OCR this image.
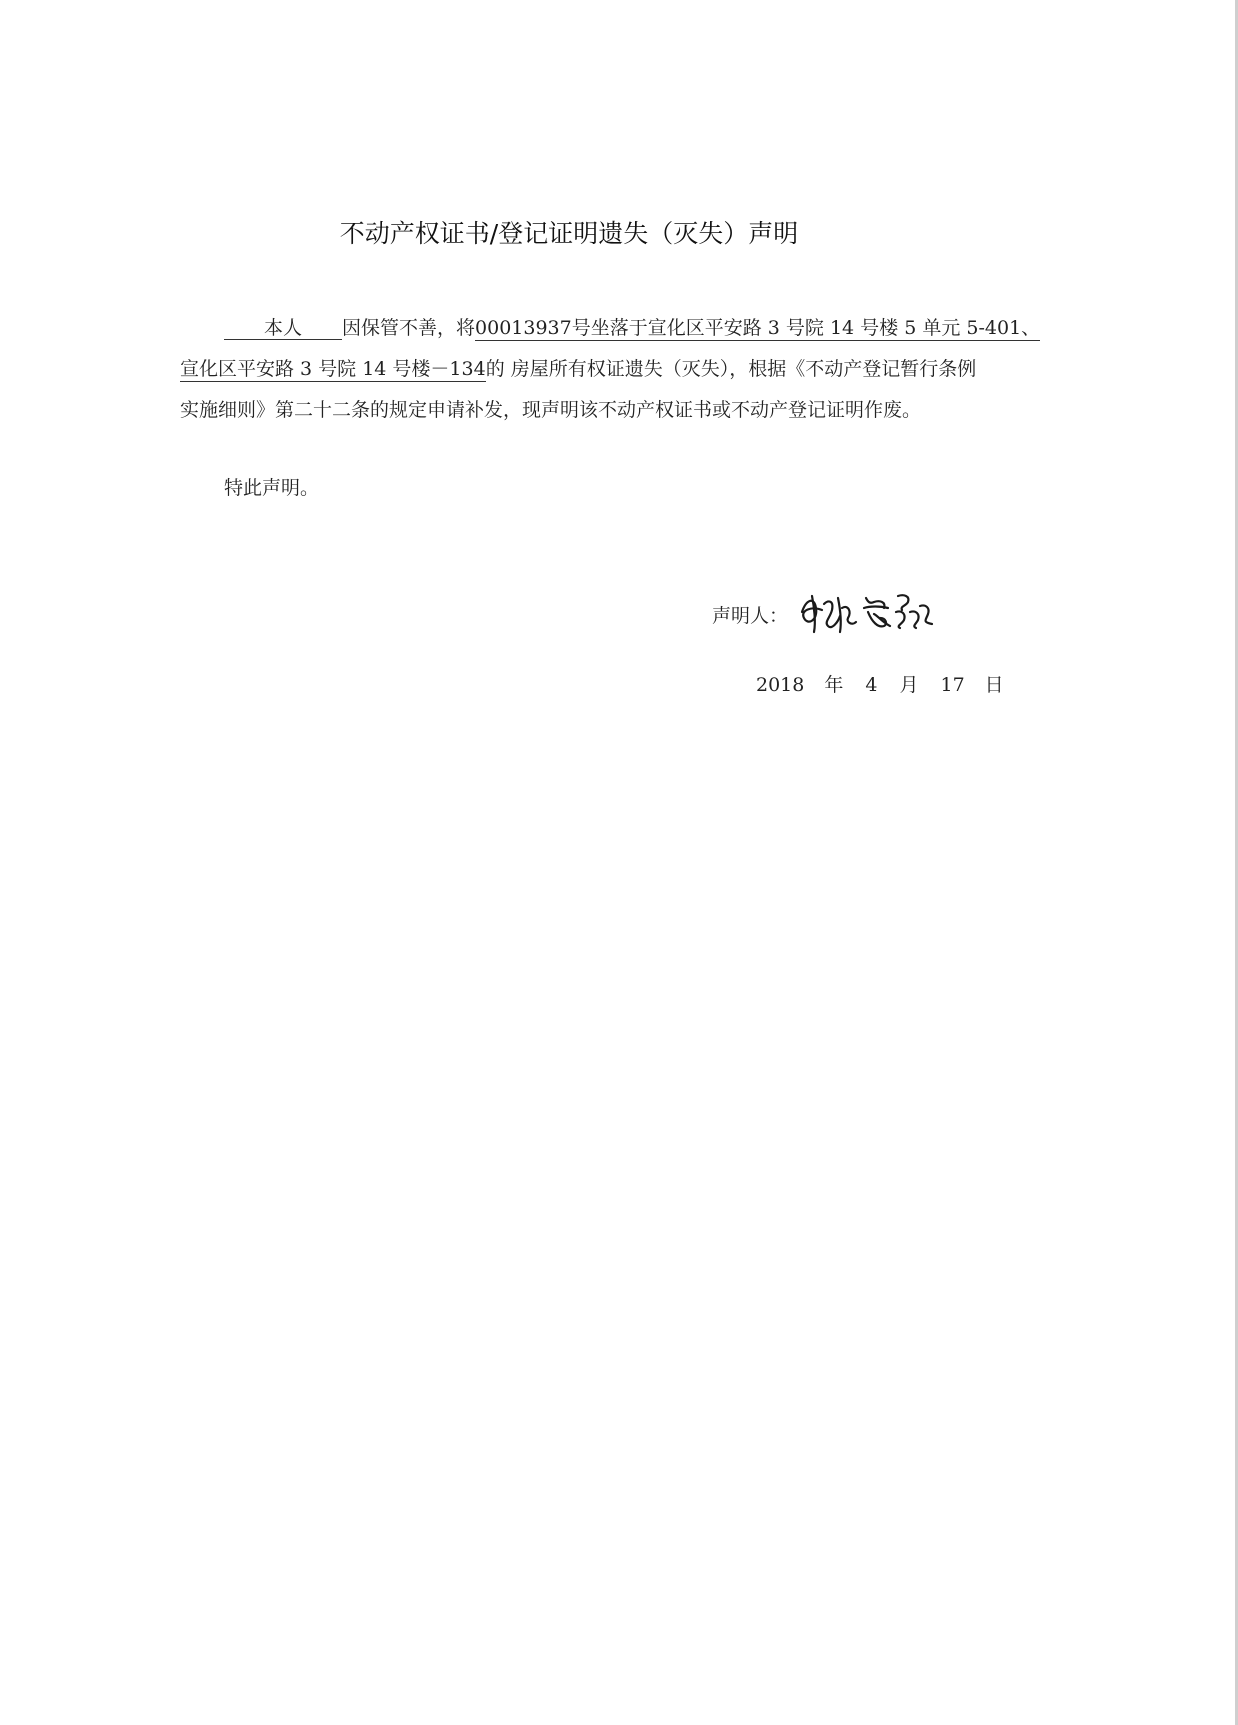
不动产权证书/登记证明遗失（灭失）声明
本人 因保管不善，将00013937号坐落于宣化区平安路 3 号院 14 号楼 5 单元 5-401、
宣化区平安路 3 号院 14 号楼－134的 房屋所有权证遗失（灭失），根据《不动产登记暂行条例
实施细则》第二十二条的规定申请补发，现声明该不动产权证书或不动产登记证明作废。
特此声明。
声明人：
2018 年 4 月 17 日
